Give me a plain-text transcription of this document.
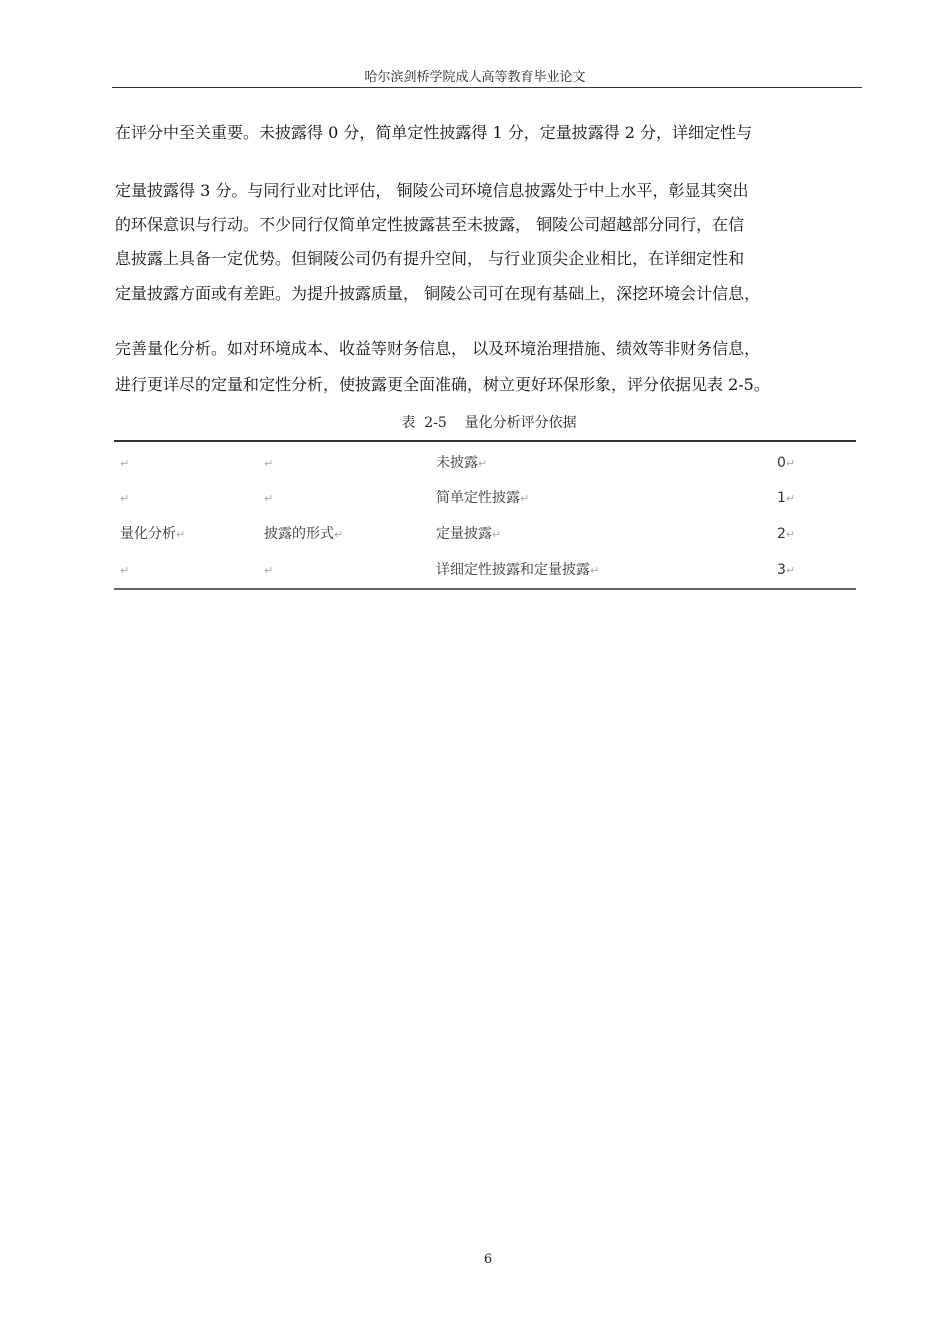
哈尔滨剑桥学院成人高等教育毕业论文
在评分中至关重要。未披露得 0 分，简单定性披露得 1 分，定量披露得 2 分，详细定性与
定量披露得 3 分。与同行业对比评估， 铜陵公司环境信息披露处于中上水平，彰显其突出
的环保意识与行动。不少同行仅简单定性披露甚至未披露， 铜陵公司超越部分同行，在信
息披露上具备一定优势。但铜陵公司仍有提升空间， 与行业顶尖企业相比，在详细定性和
定量披露方面或有差距。为提升披露质量， 铜陵公司可在现有基础上，深挖环境会计信息，
完善量化分析。如对环境成本、收益等财务信息， 以及环境治理措施、绩效等非财务信息，
进行更详尽的定量和定性分析，使披露更全面准确，树立更好环保形象，评分依据见表 2-5。
表  2-5    量化分析评分依据
↵	↵	未披露↵	0↵
↵	↵	简单定性披露↵	1↵
量化分析↵	披露的形式↵	定量披露↵	2↵
↵	↵	详细定性披露和定量披露↵	3↵
6
